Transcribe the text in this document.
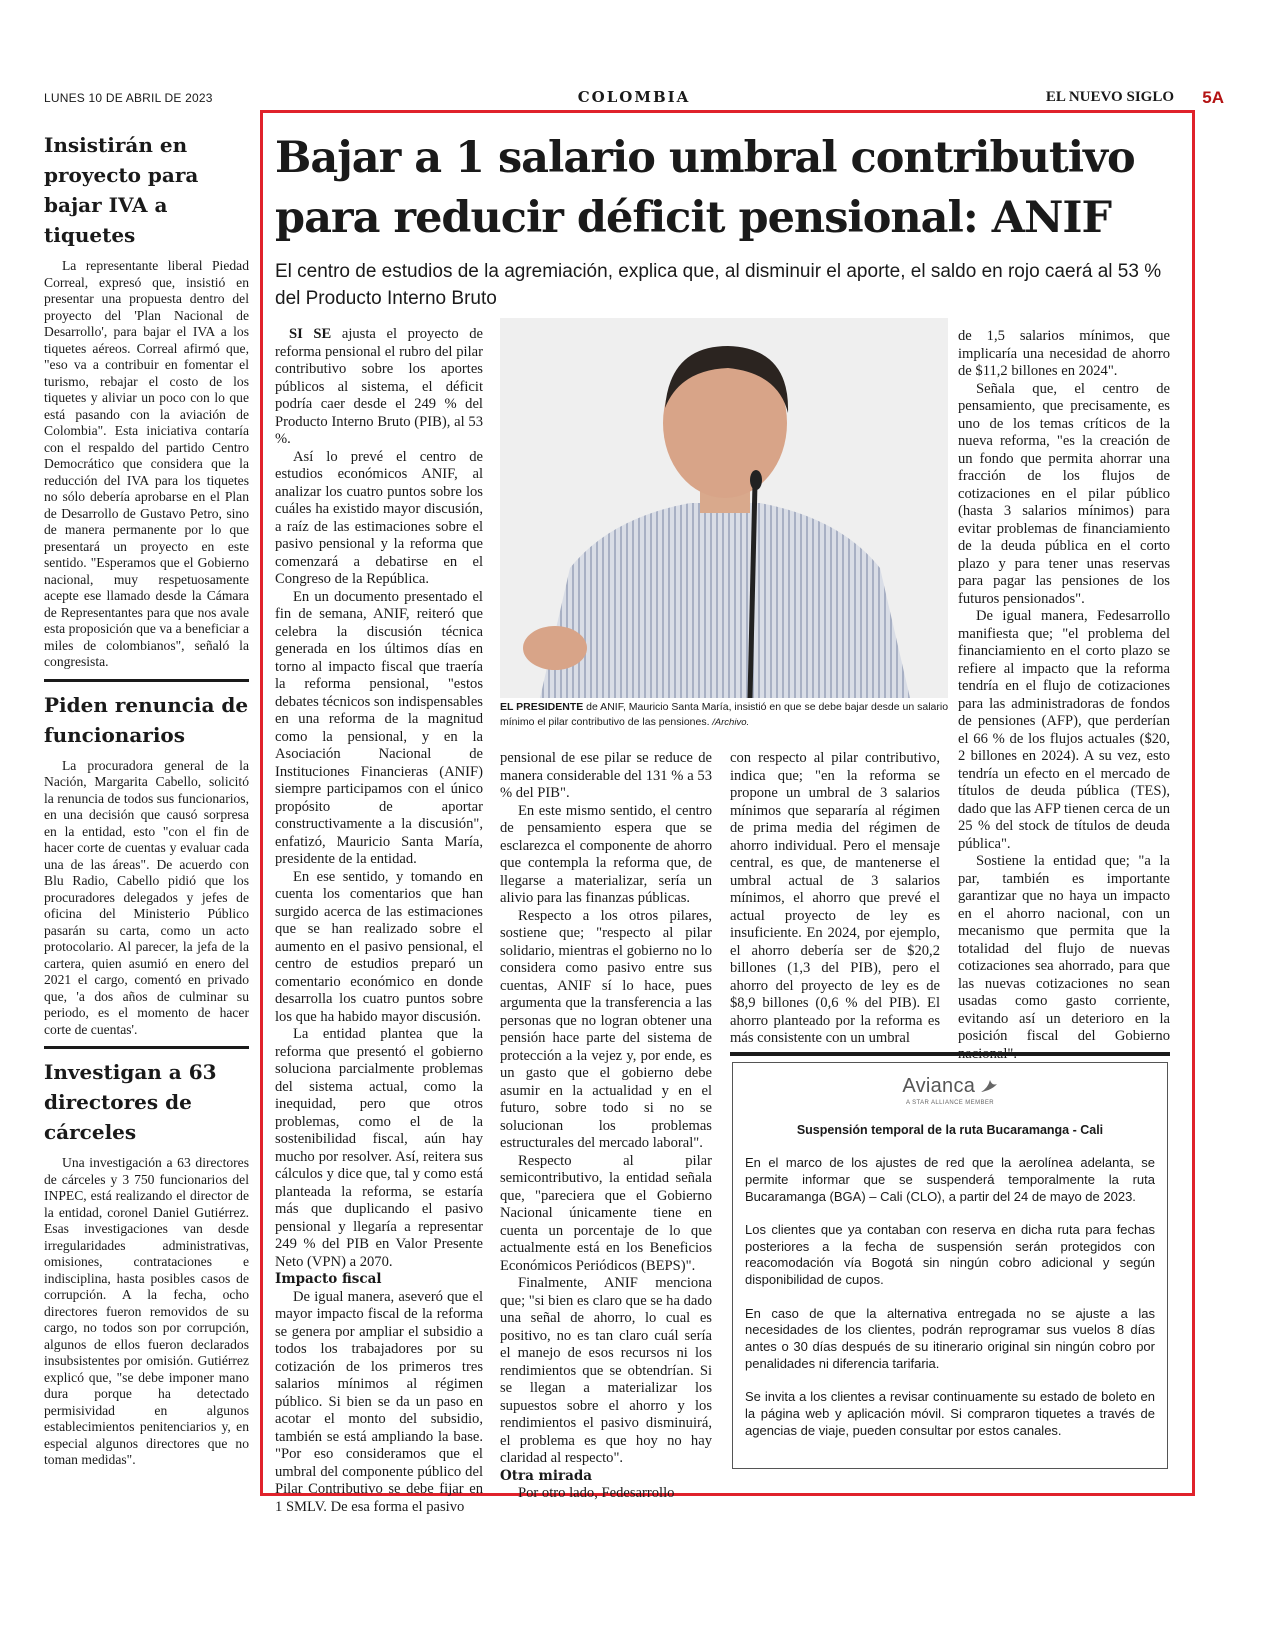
LUNES 10 DE ABRIL DE 2023	COLOMBIA	EL NUEVO SIGLO 5A
Insistirán en proyecto para bajar IVA a tiquetes

La representante liberal Piedad Correal, expresó que, insistió en presentar una propuesta dentro del proyecto del 'Plan Nacional de Desarrollo', para bajar el IVA a los tiquetes aéreos. Correal afirmó que, "eso va a contribuir en fomentar el turismo, rebajar el costo de los tiquetes y aliviar un poco con lo que está pasando con la aviación de Colombia". Esta iniciativa contaría con el respaldo del partido Centro Democrático que considera que la reducción del IVA para los tiquetes no sólo debería aprobarse en el Plan de Desarrollo de Gustavo Petro, sino de manera permanente por lo que presentará un proyecto en este sentido. "Esperamos que el Gobierno nacional, muy respetuosamente acepte ese llamado desde la Cámara de Representantes para que nos avale esta proposición que va a beneficiar a miles de colombianos", señaló la congresista.

Piden renuncia de funcionarios

La procuradora general de la Nación, Margarita Cabello, solicitó la renuncia de todos sus funcionarios, en una decisión que causó sorpresa en la entidad, esto "con el fin de hacer corte de cuentas y evaluar cada una de las áreas". De acuerdo con Blu Radio, Cabello pidió que los procuradores delegados y jefes de oficina del Ministerio Público pasarán su carta, como un acto protocolario. Al parecer, la jefa de la cartera, quien asumió en enero del 2021 el cargo, comentó en privado que, 'a dos años de culminar su periodo, es el momento de hacer corte de cuentas'.

Investigan a 63 directores de cárceles

Una investigación a 63 directores de cárceles y 3 750 funcionarios del INPEC, está realizando el director de la entidad, coronel Daniel Gutiérrez. Esas investigaciones van desde irregularidades administrativas, omisiones, contrataciones e indisciplina, hasta posibles casos de corrupción. A la fecha, ocho directores fueron removidos de su cargo, no todos son por corrupción, algunos de ellos fueron declarados insubsistentes por omisión. Gutiérrez explicó que, "se debe imponer mano dura porque ha detectado permisividad en algunos establecimientos penitenciarios y, en especial algunos directores que no toman medidas".

Bajar a 1 salario umbral contributivo para reducir déficit pensional: ANIF

El centro de estudios de la agremiación, explica que, al disminuir el aporte, el saldo en rojo caerá al 53 % del Producto Interno Bruto

SI SE ajusta el proyecto de reforma pensional el rubro del pilar contributivo sobre los aportes públicos al sistema, el déficit podría caer desde el 249 % del Producto Interno Bruto (PIB), al 53 %.

Así lo prevé el centro de estudios económicos ANIF, al analizar los cuatro puntos sobre los cuáles ha existido mayor discusión, a raíz de las estimaciones sobre el pasivo pensional y la reforma que comenzará a debatirse en el Congreso de la República.

En un documento presentado el fin de semana, ANIF, reiteró que celebra la discusión técnica generada en los últimos días en torno al impacto fiscal que traería la reforma pensional, "estos debates técnicos son indispensables en una reforma de la magnitud como la pensional, y en la Asociación Nacional de Instituciones Financieras (ANIF) siempre participamos con el único propósito de aportar constructivamente a la discusión", enfatizó, Mauricio Santa María, presidente de la entidad.

En ese sentido, y tomando en cuenta los comentarios que han surgido acerca de las estimaciones que se han realizado sobre el aumento en el pasivo pensional, el centro de estudios preparó un comentario económico en donde desarrolla los cuatro puntos sobre los que ha habido mayor discusión.

La entidad plantea que la reforma que presentó el gobierno soluciona parcialmente problemas del sistema actual, como la inequidad, pero que otros problemas, como el de la sostenibilidad fiscal, aún hay mucho por resolver. Así, reitera sus cálculos y dice que, tal y como está planteada la reforma, se estaría más que duplicando el pasivo pensional y llegaría a representar 249 % del PIB en Valor Presente Neto (VPN) a 2070.

Impacto fiscal

De igual manera, aseveró que el mayor impacto fiscal de la reforma se genera por ampliar el subsidio a todos los trabajadores por su cotización de los primeros tres salarios mínimos al régimen público. Si bien se da un paso en acotar el monto del subsidio, también se está ampliando la base. "Por eso consideramos que el umbral del componente público del Pilar Contributivo se debe fijar en 1 SMLV. De esa forma el pasivo

EL PRESIDENTE de ANIF, Mauricio Santa María, insistió en que se debe bajar desde un salario mínimo el pilar contributivo de las pensiones. /Archivo.

pensional de ese pilar se reduce de manera considerable del 131 % a 53 % del PIB".

En este mismo sentido, el centro de pensamiento espera que se esclarezca el componente de ahorro que contempla la reforma que, de llegarse a materializar, sería un alivio para las finanzas públicas.

Respecto a los otros pilares, sostiene que; "respecto al pilar solidario, mientras el gobierno no lo considera como pasivo entre sus cuentas, ANIF sí lo hace, pues argumenta que la transferencia a las personas que no logran obtener una pensión hace parte del sistema de protección a la vejez y, por ende, es un gasto que el gobierno debe asumir en la actualidad y en el futuro, sobre todo si no se solucionan los problemas estructurales del mercado laboral".

Respecto al pilar semicontributivo, la entidad señala que, "pareciera que el Gobierno Nacional únicamente tiene en cuenta un porcentaje de lo que actualmente está en los Beneficios Económicos Periódicos (BEPS)".

Finalmente, ANIF menciona que; "si bien es claro que se ha dado una señal de ahorro, lo cual es positivo, no es tan claro cuál sería el manejo de esos recursos ni los rendimientos que se obtendrían. Si se llegan a materializar los supuestos sobre el ahorro y los rendimientos el pasivo disminuirá, el problema es que hoy no hay claridad al respecto".

Otra mirada

Por otro lado, Fedesarrollo

con respecto al pilar contributivo, indica que; "en la reforma se propone un umbral de 3 salarios mínimos que separaría al régimen de prima media del régimen de ahorro individual. Pero el mensaje central, es que, de mantenerse el umbral actual de 3 salarios mínimos, el ahorro que prevé el actual proyecto de ley es insuficiente. En 2024, por ejemplo, el ahorro debería ser de $20,2 billones (1,3 del PIB), pero el ahorro del proyecto de ley es de $8,9 billones (0,6 % del PIB). El ahorro planteado por la reforma es más consistente con un umbral

de 1,5 salarios mínimos, que implicaría una necesidad de ahorro de $11,2 billones en 2024".

Señala que, el centro de pensamiento, que precisamente, es uno de los temas críticos de la nueva reforma, "es la creación de un fondo que permita ahorrar una fracción de los flujos de cotizaciones en el pilar público (hasta 3 salarios mínimos) para evitar problemas de financiamiento de la deuda pública en el corto plazo y para tener unas reservas para pagar las pensiones de los futuros pensionados".

De igual manera, Fedesarrollo manifiesta que; "el problema del financiamiento en el corto plazo se refiere al impacto que la reforma tendría en el flujo de cotizaciones para las administradoras de fondos de pensiones (AFP), que perderían el 66 % de los flujos actuales ($20, 2 billones en 2024). A su vez, esto tendría un efecto en el mercado de títulos de deuda pública (TES), dado que las AFP tienen cerca de un 25 % del stock de títulos de deuda pública".

Sostiene la entidad que; "a la par, también es importante garantizar que no haya un impacto en el ahorro nacional, con un mecanismo que permita que la totalidad del flujo de nuevas cotizaciones sea ahorrado, para que las nuevas cotizaciones no sean usadas como gasto corriente, evitando así un deterioro en la posición fiscal del Gobierno nacional".

Avianca
A STAR ALLIANCE MEMBER
Suspensión temporal de la ruta Bucaramanga - Cali

En el marco de los ajustes de red que la aerolínea adelanta, se permite informar que se suspenderá temporalmente la ruta Bucaramanga (BGA) – Cali (CLO), a partir del 24 de mayo de 2023.

Los clientes que ya contaban con reserva en dicha ruta para fechas posteriores a la fecha de suspensión serán protegidos con reacomodación vía Bogotá sin ningún cobro adicional y según disponibilidad de cupos.

En caso de que la alternativa entregada no se ajuste a las necesidades de los clientes, podrán reprogramar sus vuelos 8 días antes o 30 días después de su itinerario original sin ningún cobro por penalidades ni diferencia tarifaria.

Se invita a los clientes a revisar continuamente su estado de boleto en la página web y aplicación móvil. Si compraron tiquetes a través de agencias de viaje, pueden consultar por estos canales.
